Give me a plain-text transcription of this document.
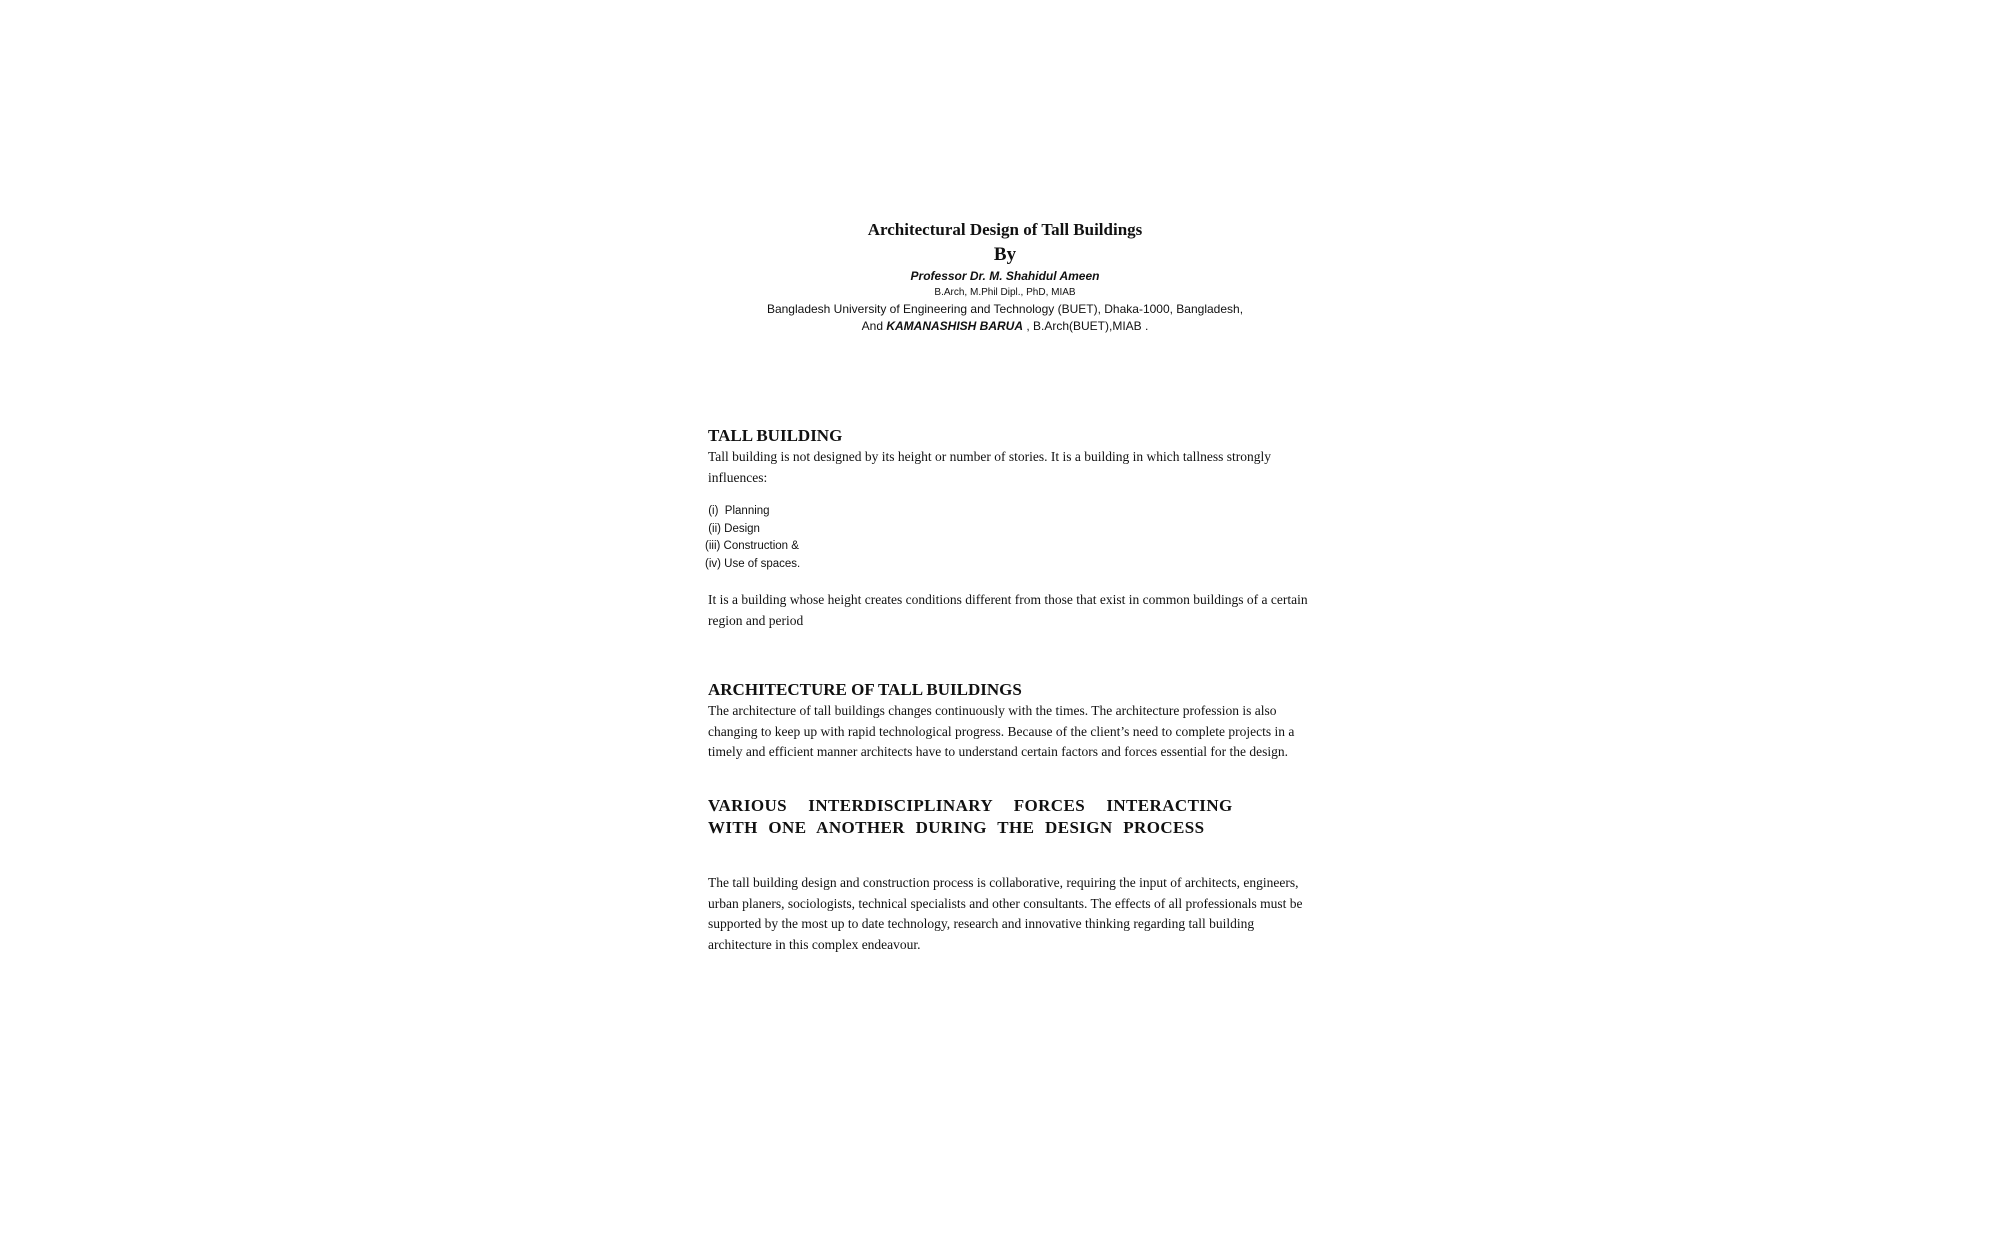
Architectural Design of Tall Buildings
By
Professor Dr. M. Shahidul Ameen
B.Arch, M.Phil Dipl., PhD, MIAB
Bangladesh University of Engineering and Technology (BUET), Dhaka-1000, Bangladesh,
And KAMANASHISH BARUA , B.Arch(BUET),MIAB .
TALL BUILDING

Tall building is not designed by its height or number of stories. It is a building in which tallness strongly influences:

(i)  Planning
(ii) Design
(iii) Construction &
(iv) Use of spaces.

It is a building whose height creates conditions different from those that exist in common buildings of a certain region and period

ARCHITECTURE OF TALL BUILDINGS

The architecture of tall buildings changes continuously with the times. The architecture profession is also changing to keep up with rapid technological progress. Because of the client’s need to complete projects in a timely and efficient manner architects have to understand certain factors and forces essential for the design.

VARIOUS  INTERDISCIPLINARY  FORCES  INTERACTING
WITH ONE ANOTHER DURING THE DESIGN PROCESS

The tall building design and construction process is collaborative, requiring the input of architects, engineers, urban planers, sociologists, technical specialists and other consultants. The effects of all professionals must be supported by the most up to date technology, research and innovative thinking regarding tall building architecture in this complex endeavour.
